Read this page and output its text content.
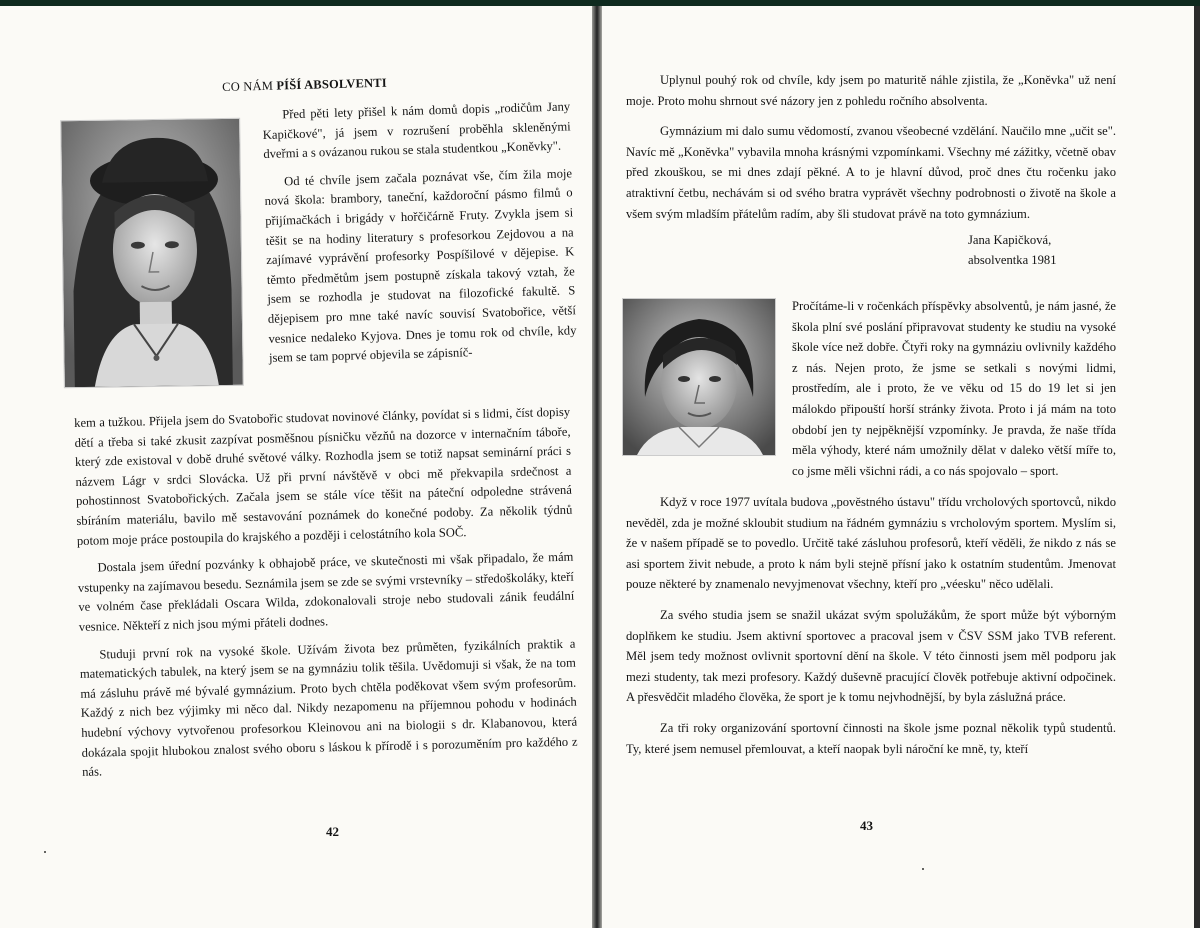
CO NÁM PÍŠÍ ABSOLVENTI

Před pěti lety přišel k nám domů dopis „rodičům Jany Kapičkové", já jsem v rozrušení proběhla skleněnými dveřmi a s ovázanou rukou se stala studentkou „Koněvky".

Od té chvíle jsem začala poznávat vše, čím žila moje nová škola: brambory, taneční, každoroční pásmo filmů o přijímačkách i brigády v hořčičárně Fruty. Zvykla jsem si těšit se na hodiny literatury s profesorkou Zejdovou a na zajímavé vyprávění profesorky Pospíšilové v dějepise. K těmto předmětům jsem postupně získala takový vztah, že jsem se rozhodla je studovat na filozofické fakultě. S dějepisem pro mne také navíc souvisí Svatobořice, větší vesnice nedaleko Kyjova. Dnes je tomu rok od chvíle, kdy jsem se tam poprvé objevila se zápisníč-

kem a tužkou. Přijela jsem do Svatobořic studovat novinové články, povídat si s lidmi, číst dopisy dětí a třeba si také zkusit zazpívat posměšnou písničku vězňů na dozorce v internačním táboře, který zde existoval v době druhé světové války. Rozhodla jsem se totiž napsat seminární práci s názvem Lágr v srdci Slovácka. Už při první návštěvě v obci mě překvapila srdečnost a pohostinnost Svatobořických. Začala jsem se stále více těšit na páteční odpoledne strávená sbíráním materiálu, bavilo mě sestavování poznámek do konečné podoby. Za několik týdnů potom moje práce postoupila do krajského a později i celostátního kola SOČ.

Dostala jsem úřední pozvánky k obhajobě práce, ve skutečnosti mi však připadalo, že mám vstupenky na zajímavou besedu. Seznámila jsem se zde se svými vrstevníky – středoškoláky, kteří ve volném čase překládali Oscara Wilda, zdokonalovali stroje nebo studovali zánik feudální vesnice. Někteří z nich jsou mými přáteli dodnes.

Studuji první rok na vysoké škole. Užívám života bez průměten, fyzikálních praktik a matematických tabulek, na který jsem se na gymnáziu tolik těšila. Uvědomuji si však, že na tom má zásluhu právě mé bývalé gymnázium. Proto bych chtěla poděkovat všem svým profesorům. Každý z nich bez výjimky mi něco dal. Nikdy nezapomenu na příjemnou pohodu v hodinách hudební výchovy vytvořenou profesorkou Kleinovou ani na biologii s dr. Klabanovou, která dokázala spojit hlubokou znalost svého oboru s láskou k přírodě i s porozuměním pro každého z nás.

42

Uplynul pouhý rok od chvíle, kdy jsem po maturitě náhle zjistila, že „Koněvka" už není moje. Proto mohu shrnout své názory jen z pohledu ročního absolventa.

Gymnázium mi dalo sumu vědomostí, zvanou všeobecné vzdělání. Naučilo mne „učit se". Navíc mě „Koněvka" vybavila mnoha krásnými vzpomínkami. Všechny mé zážitky, včetně obav před zkouškou, se mi dnes zdají pěkné. A to je hlavní důvod, proč dnes čtu ročenku jako atraktivní četbu, nechávám si od svého bratra vyprávět všechny podrobnosti o životě na škole a všem svým mladším přátelům radím, aby šli studovat právě na toto gymnázium.

Jana Kapičková,
absolventka 1981

Pročítáme-li v ročenkách příspěvky absolventů, je nám jasné, že škola plní své poslání připravovat studenty ke studiu na vysoké škole více než dobře. Čtyři roky na gymnáziu ovlivnily každého z nás. Nejen proto, že jsme se setkali s novými lidmi, prostředím, ale i proto, že ve věku od 15 do 19 let si jen málokdo připouští horší stránky života. Proto i já mám na toto období jen ty nejpěknější vzpomínky. Je pravda, že naše třída měla výhody, které nám umožnily dělat v daleko větší míře to, co jsme měli všichni rádi, a co nás spojovalo – sport.

Když v roce 1977 uvítala budova „pověstného ústavu" třídu vrcholových sportovců, nikdo nevěděl, zda je možné skloubit studium na řádném gymnáziu s vrcholovým sportem. Myslím si, že v našem případě se to povedlo. Určitě také zásluhou profesorů, kteří věděli, že nikdo z nás se asi sportem živit nebude, a proto k nám byli stejně přísní jako k ostatním studentům. Jmenovat pouze některé by znamenalo nevyjmenovat všechny, kteří pro „véesku" něco udělali.

Za svého studia jsem se snažil ukázat svým spolužákům, že sport může být výborným doplňkem ke studiu. Jsem aktivní sportovec a pracoval jsem v ČSV SSM jako TVB referent. Měl jsem tedy možnost ovlivnit sportovní dění na škole. V této činnosti jsem měl podporu jak mezi studenty, tak mezi profesory. Každý duševně pracující člověk potřebuje aktivní odpočinek. A přesvědčit mladého člověka, že sport je k tomu nejvhodnější, by byla záslužná práce.

Za tři roky organizování sportovní činnosti na škole jsme poznal několik typů studentů. Ty, které jsem nemusel přemlouvat, a kteří naopak byli nároční ke mně, ty, kteří

43
